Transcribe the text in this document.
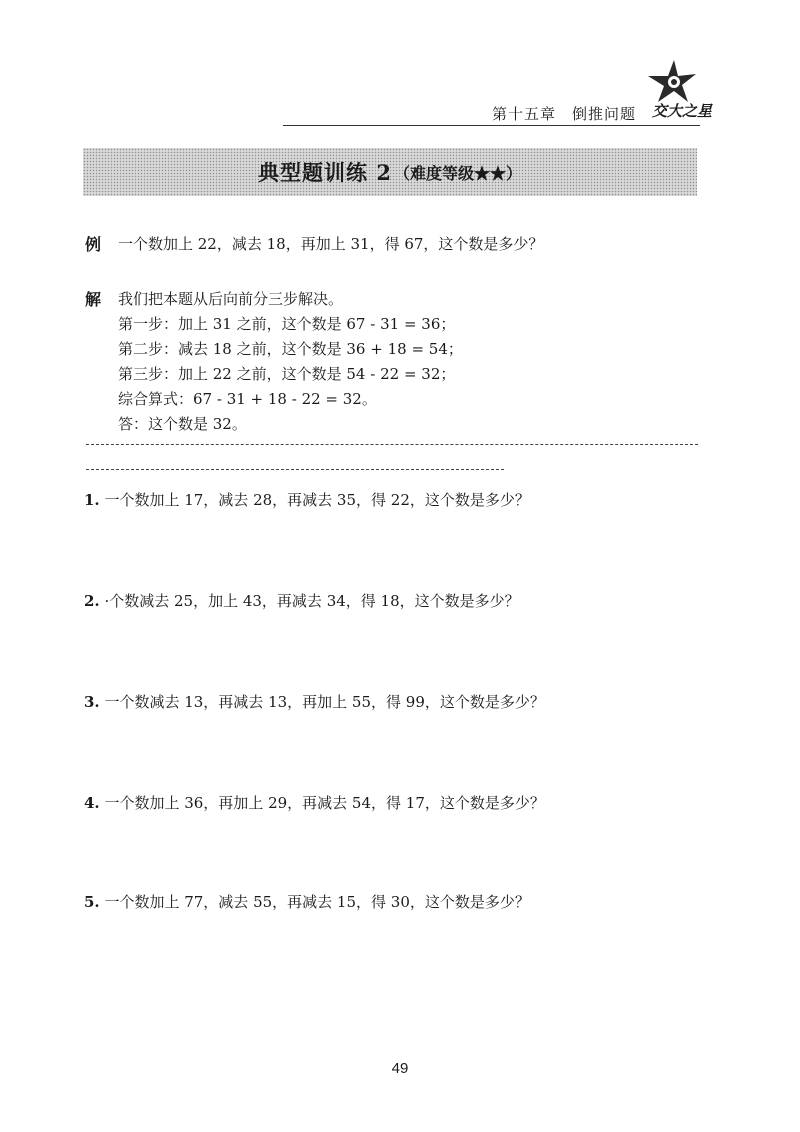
第十五章　倒推问题 交大之星
典型题训练 2 （难度等级★★）
例 一个数加上 22，减去 18，再加上 31，得 67，这个数是多少？
解 我们把本题从后向前分三步解决。
第一步：加上 31 之前，这个数是 67 - 31 = 36；
第二步：减去 18 之前，这个数是 36 + 18 = 54；
第三步：加上 22 之前，这个数是 54 - 22 = 32；
综合算式：67 - 31 + 18 - 22 = 32。
答：这个数是 32。
1. 一个数加上 17，减去 28，再减去 35，得 22，这个数是多少？
2. ·个数减去 25，加上 43，再减去 34，得 18，这个数是多少？
3. 一个数减去 13，再减去 13，再加上 55，得 99，这个数是多少？
4. 一个数加上 36，再加上 29，再减去 54，得 17，这个数是多少？
5. 一个数加上 77，减去 55，再减去 15，得 30，这个数是多少？
49
